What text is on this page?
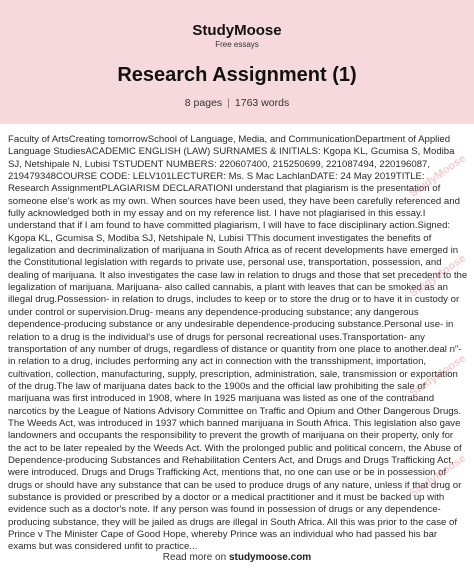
StudyMoose
Free essays
Research Assignment (1)
8 pages | 1763 words
Faculty of ArtsCreating tomorrowSchool of Language, Media, and CommunicationDepartment of Applied Language StudiesACADEMIC ENGLISH (LAW) SURNAMES & INITIALS: Kgopa KL, Gcumisa S, Modiba SJ, Netshipale N, Lubisi TSTUDENT NUMBERS: 220607400, 215250699, 221087494, 220196087, 219479348COURSE CODE: LELV101LECTURER: Ms. S Mac LachlanDATE: 24 May 2019TITLE: Research AssignmentPLAGIARISM DECLARATIONI understand that plagiarism is the presentation of someone else's work as my own. When sources have been used, they have been carefully referenced and fully acknowledged both in my essay and on my reference list. I have not plagiarised in this essay.I understand that if I am found to have committed plagiarism, I will have to face disciplinary action.Signed: Kgopa KL, Gcumisa S, Modiba SJ, Netshipale N, Lubisi TThis document investigates the benefits of legalization and decriminalization of marijuana in South Africa as of recent developments have emerged in the Constitutional legislation with regards to private use, personal use, transportation, possession, and dealing of marijuana. It also investigates the case law in relation to drugs and those that set precedent to the legalization of marijuana. Marijuana- also called cannabis, a plant with leaves that can be smoked as an illegal drug.Possession- in relation to drugs, includes to keep or to store the drug or to have it in custody or under control or supervision.Drug- means any dependence-producing substance; any dangerous dependence-producing substance or any undesirable dependence-producing substance.Personal use- in relation to a drug is the individual's use of drugs for personal recreational uses.Transportation- any transportation of any number of drugs, regardless of distance or quantity from one place to another.deal n"- in relation to a drug, includes performing any act in connection with the transshipment, importation, cultivation, collection, manufacturing, supply, prescription, administration, sale, transmission or exportation of the drug.The law of marijuana dates back to the 1900s and the official law prohibiting the sale of marijuana was first introduced in 1908, where In 1925 marijuana was listed as one of the contraband narcotics by the League of Nations Advisory Committee on Traffic and Opium and Other Dangerous Drugs. The Weeds Act, was introduced in 1937 which banned marijuana in South Africa. This legislation also gave landowners and occupants the responsibility to prevent the growth of marijuana on their property, only for the act to be later repealed by the Weeds Act. With the prolonged public and political concern, the Abuse of Dependence-producing Substances and Rehabilitation Centers Act, and Drugs and Drugs Trafficking Act, were introduced. Drugs and Drugs Trafficking Act, mentions that, no one can use or be in possession of drugs or should have any substance that can be used to produce drugs of any nature, unless if that drug or substance is provided or prescribed by a doctor or a medical practitioner and it must be backed up with evidence such as a doctor's note. If any person was found in possession of drugs or any dependence-producing substance, they will be jailed as drugs are illegal in South Africa. All this was prior to the case of Prince v The Minister Cape of Good Hope, whereby Prince was an individual who had passed his bar exams but was considered unfit to practice...
StudyMoose
StudyMoose
StudyMoose
StudyMoose
Read more on studymoose.com
